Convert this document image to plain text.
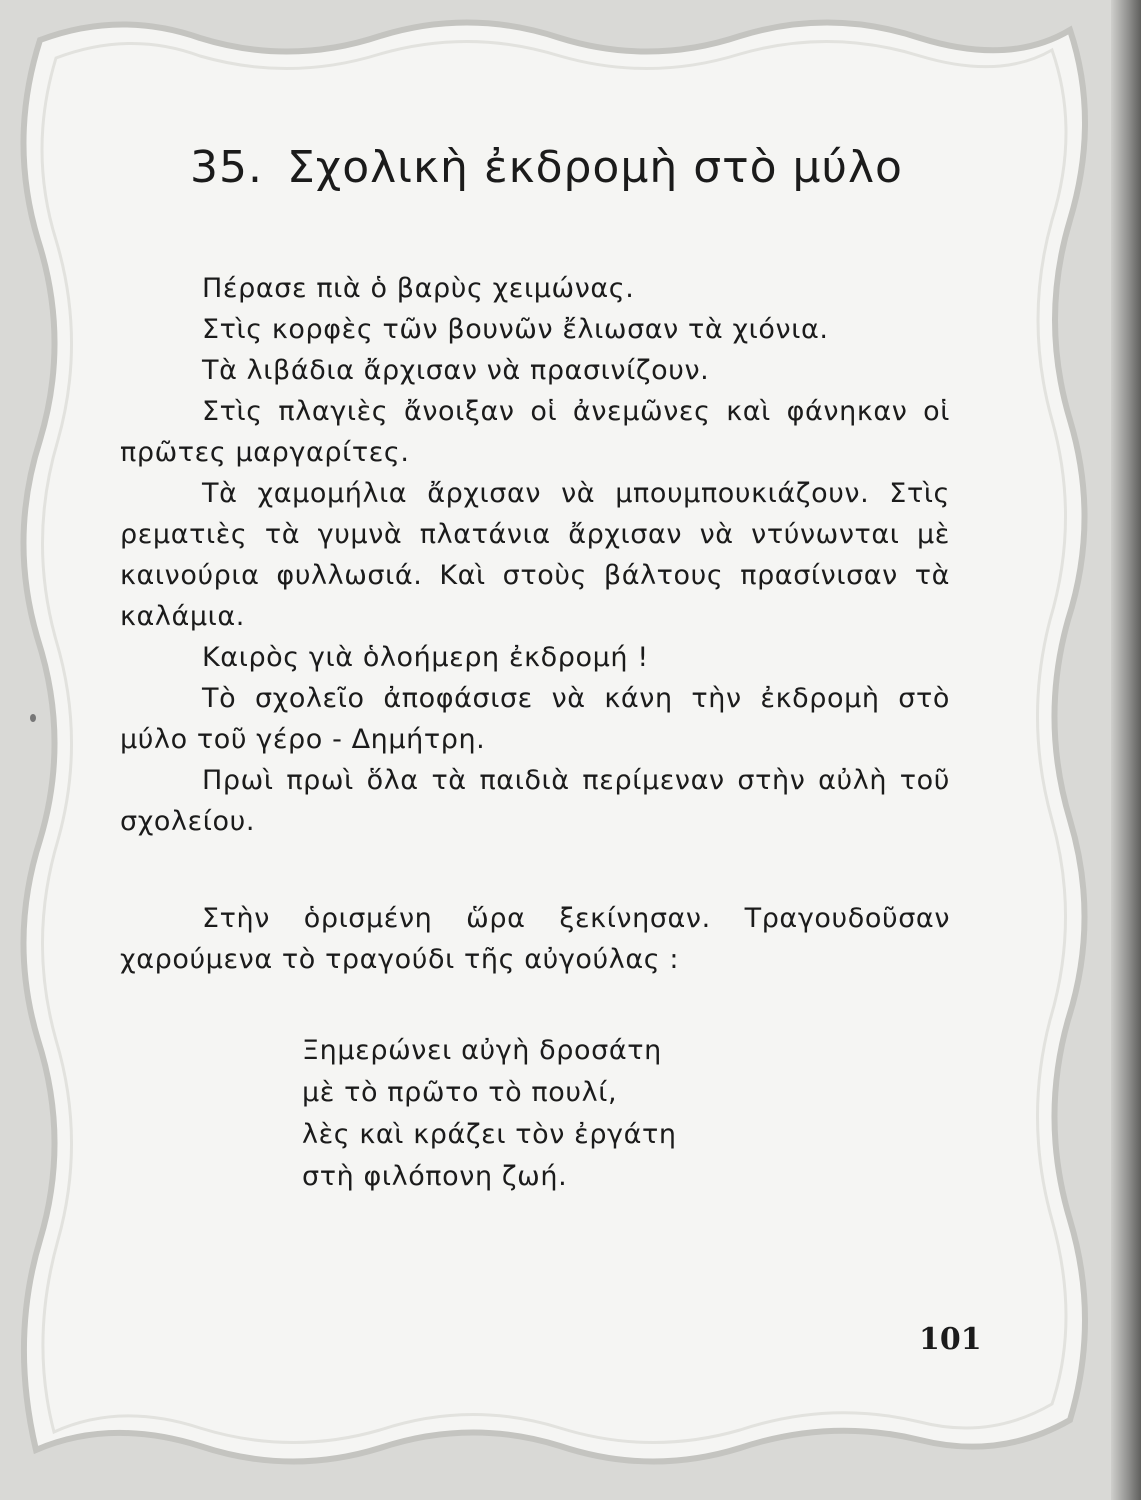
35. Σχολικὴ ἐκδρομὴ στὸ μύλο

Πέρασε πιὰ ὁ βαρὺς χειμώνας.

Στὶς κορφὲς τῶν βουνῶν ἔλιωσαν τὰ χιόνια.

Τὰ λιβάδια ἄρχισαν νὰ πρασινίζουν.

Στὶς πλαγιὲς ἄνοιξαν οἱ ἀνεμῶνες καὶ φάνηκαν οἱ πρῶτες μαργαρίτες.

Τὰ χαμομήλια ἄρχισαν νὰ μπουμπουκιάζουν. Στὶς ρεματιὲς τὰ γυμνὰ πλατάνια ἄρχισαν νὰ ντύνωνται μὲ καινούρια φυλλωσιά. Καὶ στοὺς βάλτους πρασίνισαν τὰ καλάμια.

Καιρὸς γιὰ ὁλοήμερη ἐκδρομή !

Τὸ σχολεῖο ἀποφάσισε νὰ κάνη τὴν ἐκδρομὴ στὸ μύλο τοῦ γέρο - Δημήτρη.

Πρωὶ πρωὶ ὅλα τὰ παιδιὰ περίμεναν στὴν αὐλὴ τοῦ σχολείου.

Στὴν ὁρισμένη ὥρα ξεκίνησαν. Τραγουδοῦσαν χαρούμενα τὸ τραγούδι τῆς αὐγούλας :

Ξημερώνει αὐγὴ δροσάτη
μὲ τὸ πρῶτο τὸ πουλί,
λὲς καὶ κράζει τὸν ἐργάτη
στὴ φιλόπονη ζωή.
101
